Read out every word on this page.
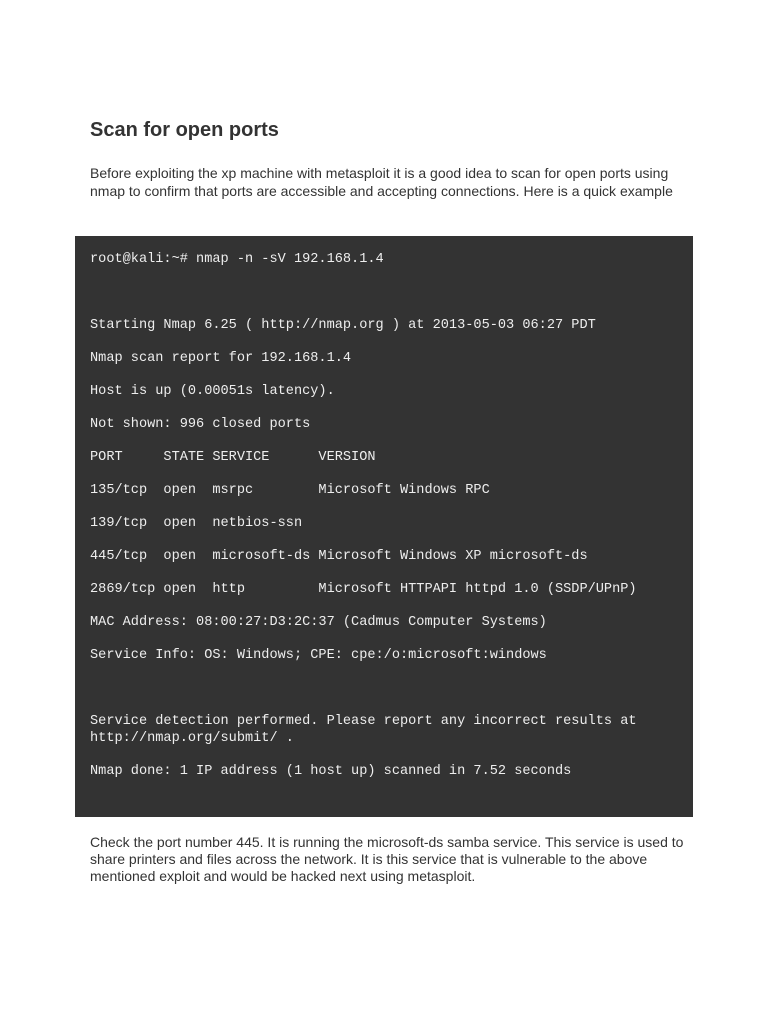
Scan for open ports

Before exploiting the xp machine with metasploit it is a good idea to scan for open ports using nmap to confirm that ports are accessible and accepting connections. Here is a quick example

root@kali:~# nmap -n -sV 192.168.1.4
Starting Nmap 6.25 ( http://nmap.org ) at 2013-05-03 06:27 PDT
Nmap scan report for 192.168.1.4
Host is up (0.00051s latency).
Not shown: 996 closed ports
PORT     STATE SERVICE      VERSION
135/tcp  open  msrpc        Microsoft Windows RPC
139/tcp  open  netbios-ssn
445/tcp  open  microsoft-ds Microsoft Windows XP microsoft-ds
2869/tcp open  http         Microsoft HTTPAPI httpd 1.0 (SSDP/UPnP)
MAC Address: 08:00:27:D3:2C:37 (Cadmus Computer Systems)
Service Info: OS: Windows; CPE: cpe:/o:microsoft:windows
Service detection performed. Please report any incorrect results at http://nmap.org/submit/ .
Nmap done: 1 IP address (1 host up) scanned in 7.52 seconds

Check the port number 445. It is running the microsoft-ds samba service. This service is used to share printers and files across the network. It is this service that is vulnerable to the above mentioned exploit and would be hacked next using metasploit.
